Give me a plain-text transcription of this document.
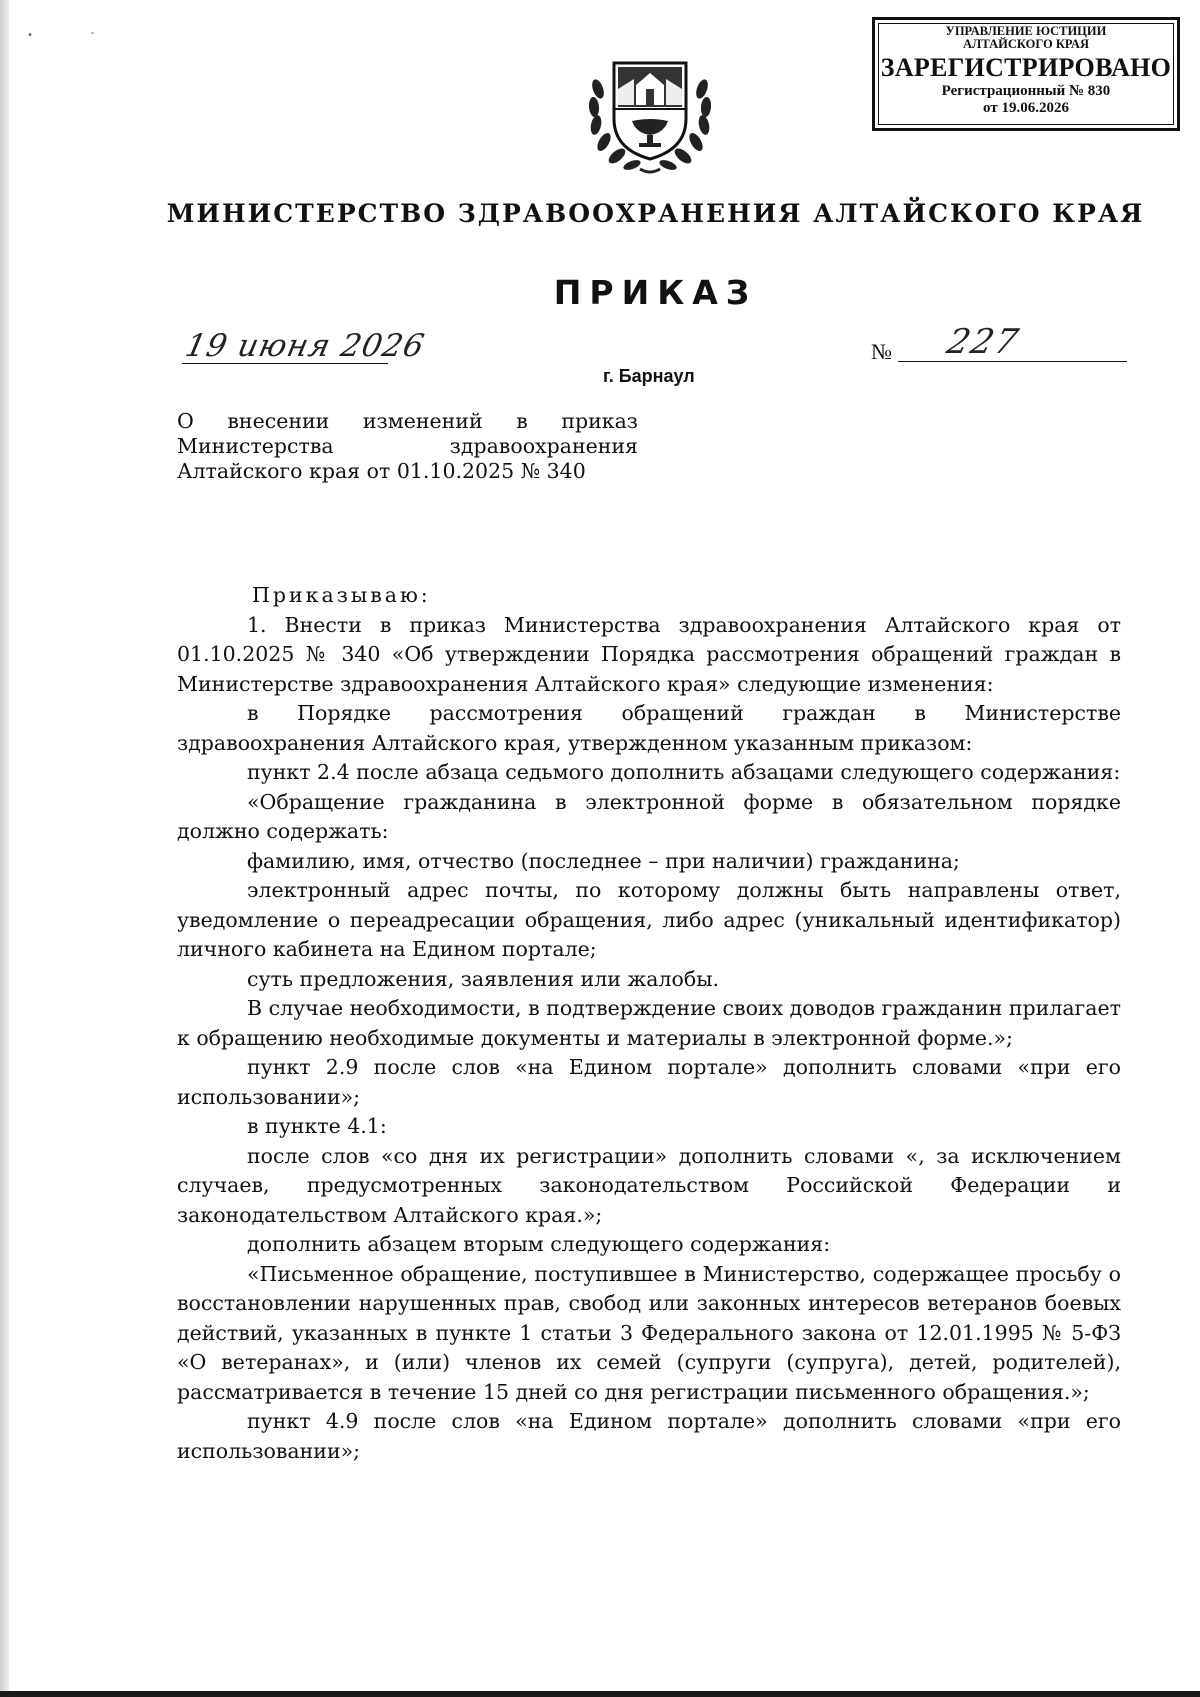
•	ˇ	УПРАВЛЕНИЕ ЮСТИЦИИ
АЛТАЙСКОГО КРАЯ
ЗАРЕГИСТРИРОВАНО
Регистрационный № 830
от 19.06.2026
МИНИСТЕРСТВО ЗДРАВООХРАНЕНИЯ АЛТАЙСКОГО КРАЯ
ПРИКАЗ
19 июня 2026	№ 227
г. Барнаул
О внесении изменений в приказ Министерства здравоохранения Алтайского края от 01.10.2025 № 340

Приказываю:

1. Внести в приказ Министерства здравоохранения Алтайского края от 01.10.2025 № 340 «Об утверждении Порядка рассмотрения обращений граждан в Министерстве здравоохранения Алтайского края» следующие изменения:

в Порядке рассмотрения обращений граждан в Министерстве здравоохранения Алтайского края, утвержденном указанным приказом:

пункт 2.4 после абзаца седьмого дополнить абзацами следующего содержания:

«Обращение гражданина в электронной форме в обязательном порядке должно содержать:

фамилию, имя, отчество (последнее – при наличии) гражданина;

электронный адрес почты, по которому должны быть направлены ответ, уведомление о переадресации обращения, либо адрес (уникальный идентификатор) личного кабинета на Едином портале;

суть предложения, заявления или жалобы.

В случае необходимости, в подтверждение своих доводов гражданин прилагает к обращению необходимые документы и материалы в электронной форме.»;

пункт 2.9 после слов «на Едином портале» дополнить словами «при его использовании»;

в пункте 4.1:

после слов «со дня их регистрации» дополнить словами «, за исключением случаев, предусмотренных законодательством Российской Федерации и законодательством Алтайского края.»;

дополнить абзацем вторым следующего содержания:

«Письменное обращение, поступившее в Министерство, содержащее просьбу о восстановлении нарушенных прав, свобод или законных интересов ветеранов боевых действий, указанных в пункте 1 статьи 3 Федерального закона от 12.01.1995 № 5-ФЗ «О ветеранах», и (или) членов их семей (супруги (супруга), детей, родителей), рассматривается в течение 15 дней со дня регистрации письменного обращения.»;

пункт 4.9 после слов «на Едином портале» дополнить словами «при его использовании»;
